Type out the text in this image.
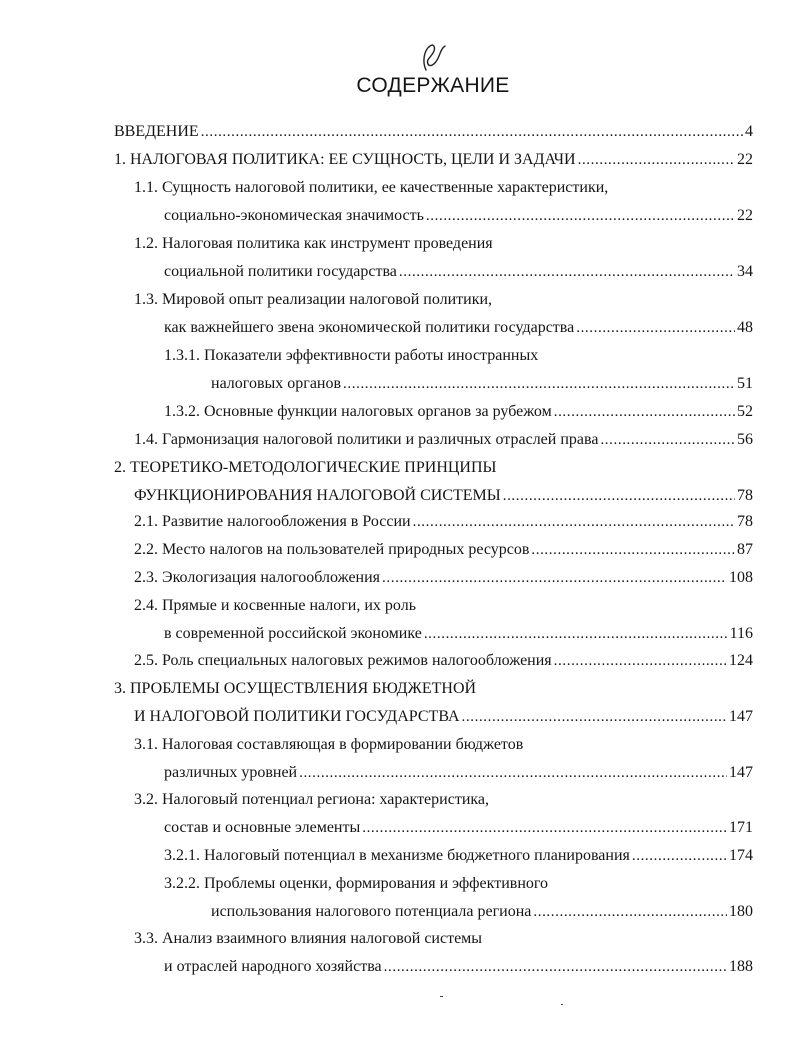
СОДЕРЖАНИЕ
ВВЕДЕНИЕ .....	4
1. НАЛОГОВАЯ ПОЛИТИКА: ЕЕ СУЩНОСТЬ, ЦЕЛИ И ЗАДАЧИ .....	22
1.1. Сущность налоговой политики, ее качественные характеристики,
социально-экономическая значимость .....	22
1.2. Налоговая политика как инструмент проведения
социальной политики государства .....	34
1.3. Мировой опыт реализации налоговой политики,
как важнейшего звена экономической политики государства .....	48
1.3.1. Показатели эффективности работы иностранных
налоговых органов .....	51
1.3.2. Основные функции налоговых органов за рубежом .....	52
1.4. Гармонизация налоговой политики и различных отраслей права .....	56
2. ТЕОРЕТИКО-МЕТОДОЛОГИЧЕСКИЕ ПРИНЦИПЫ
ФУНКЦИОНИРОВАНИЯ НАЛОГОВОЙ СИСТЕМЫ .....	78
2.1. Развитие налогообложения в России .....	78
2.2. Место налогов на пользователей природных ресурсов .....	87
2.3. Экологизация налогообложения .....	108
2.4. Прямые и косвенные налоги, их роль
в современной российской экономике .....	116
2.5. Роль специальных налоговых режимов налогообложения .....	124
3. ПРОБЛЕМЫ ОСУЩЕСТВЛЕНИЯ БЮДЖЕТНОЙ
И НАЛОГОВОЙ ПОЛИТИКИ ГОСУДАРСТВА .....	147
3.1. Налоговая составляющая в формировании бюджетов
различных уровней .....	147
3.2. Налоговый потенциал региона: характеристика,
состав и основные элементы .....	171
3.2.1. Налоговый потенциал в механизме бюджетного планирования .....	174
3.2.2. Проблемы оценки, формирования и эффективного
использования налогового потенциала региона .....	180
3.3. Анализ взаимного влияния налоговой системы
и отраслей народного хозяйства .....	188
